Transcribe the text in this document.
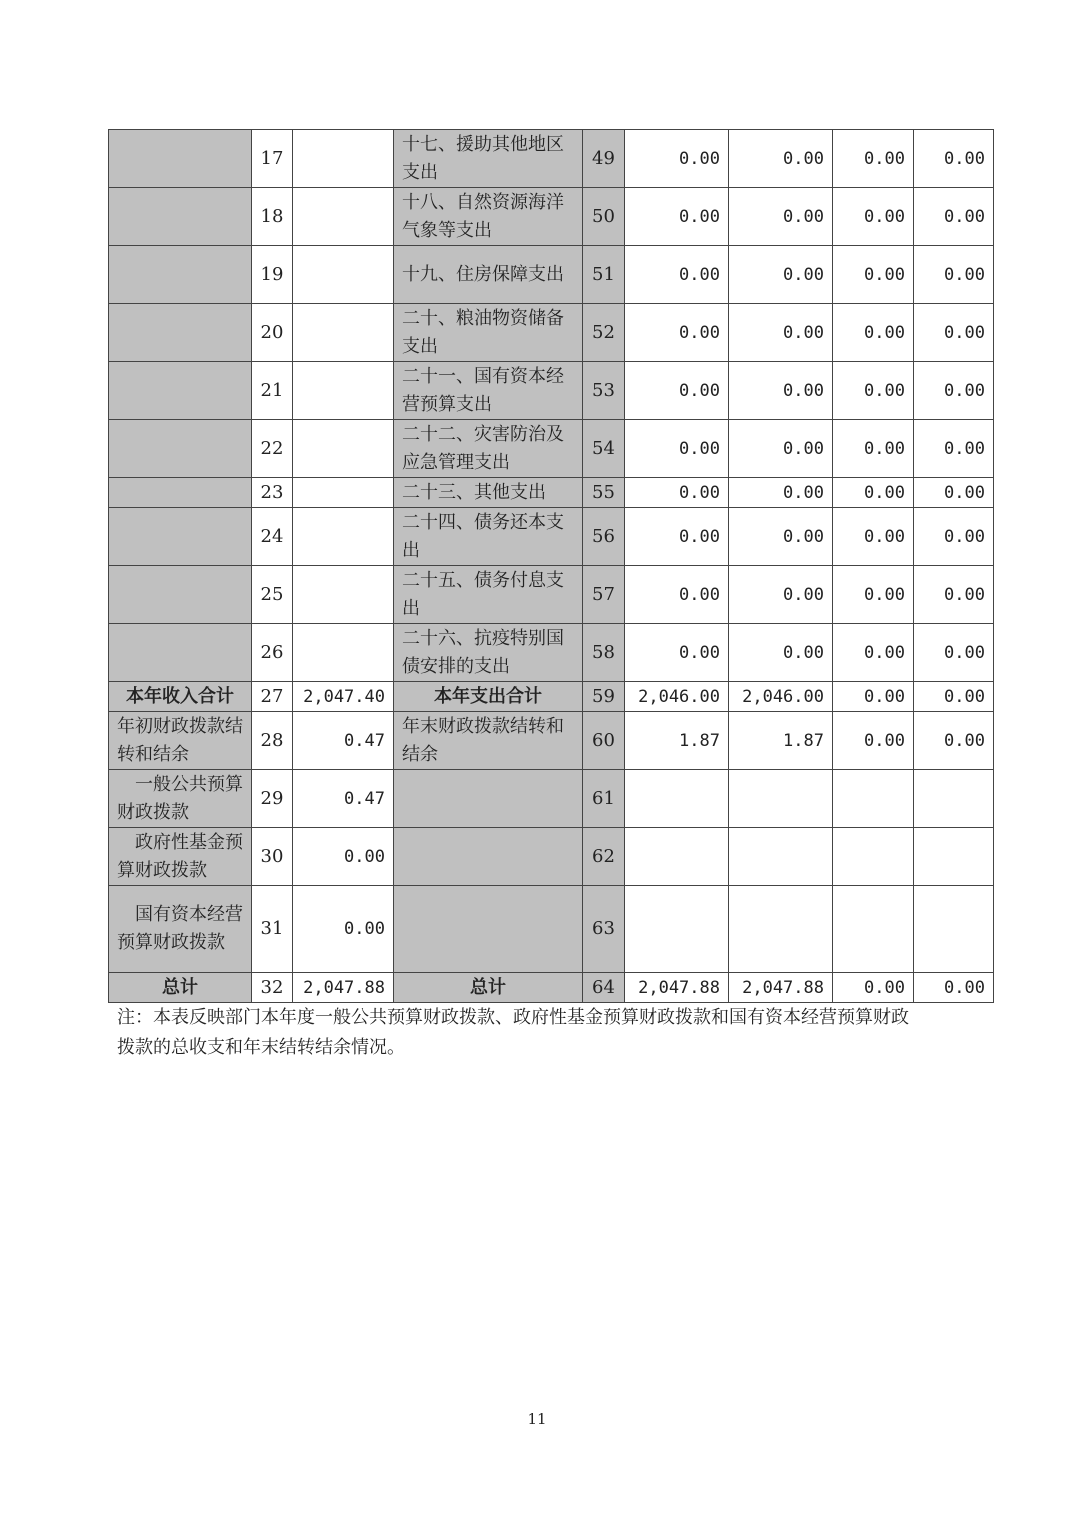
	17		十七、援助其他地区支出	49	0.00	0.00	0.00	0.00
	18		十八、自然资源海洋气象等支出	50	0.00	0.00	0.00	0.00
	19		十九、住房保障支出	51	0.00	0.00	0.00	0.00
	20		二十、粮油物资储备支出	52	0.00	0.00	0.00	0.00
	21		二十一、国有资本经营预算支出	53	0.00	0.00	0.00	0.00
	22		二十二、灾害防治及应急管理支出	54	0.00	0.00	0.00	0.00
	23		二十三、其他支出	55	0.00	0.00	0.00	0.00
	24		二十四、债务还本支出	56	0.00	0.00	0.00	0.00
	25		二十五、债务付息支出	57	0.00	0.00	0.00	0.00
	26		二十六、抗疫特别国债安排的支出	58	0.00	0.00	0.00	0.00
本年收入合计	27	2,047.40	本年支出合计	59	2,046.00	2,046.00	0.00	0.00
年初财政拨款结转和结余	28	0.47	年末财政拨款结转和结余	60	1.87	1.87	0.00	0.00
一般公共预算财政拨款	29	0.47		61				
政府性基金预算财政拨款	30	0.00		62				
国有资本经营预算财政拨款	31	0.00		63				
总计	32	2,047.88	总计	64	2,047.88	2,047.88	0.00	0.00
注：本表反映部门本年度一般公共预算财政拨款、政府性基金预算财政拨款和国有资本经营预算财政拨款的总收支和年末结转结余情况。
11
